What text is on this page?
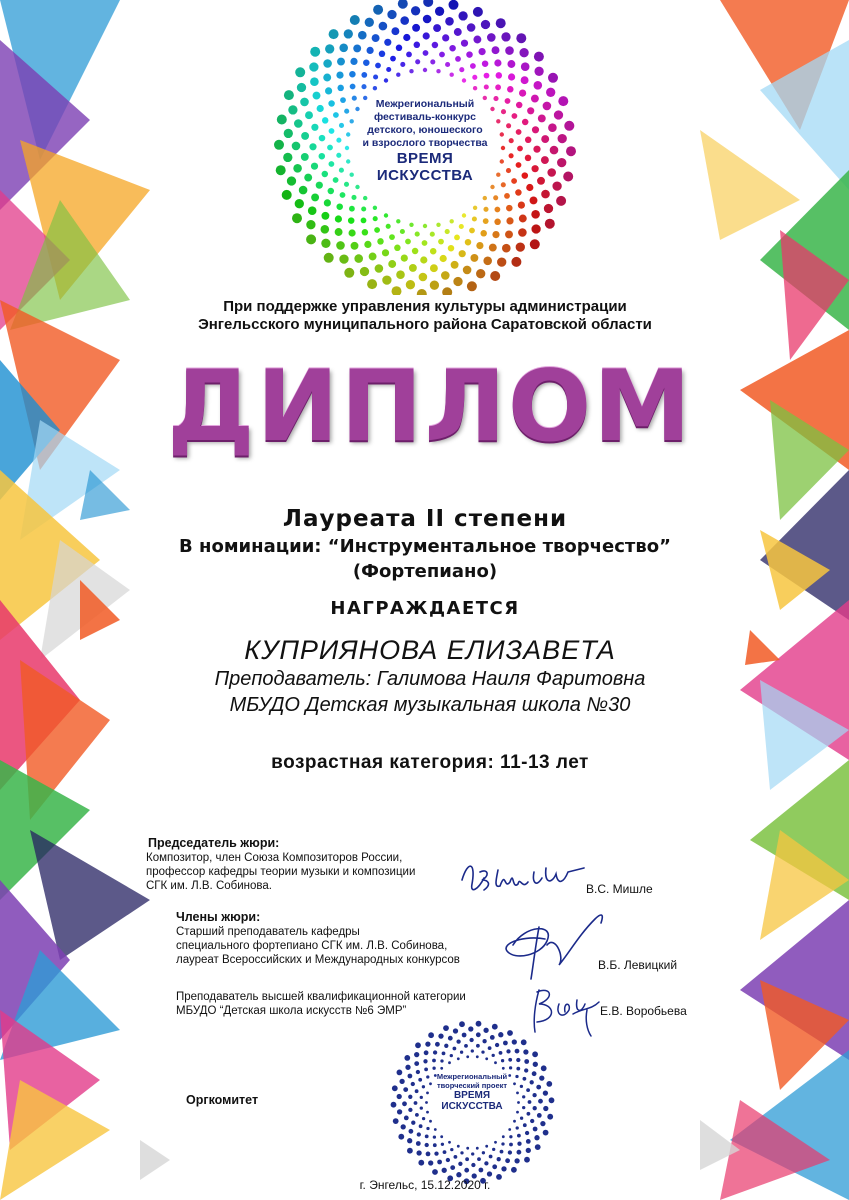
Межрегиональный
фестиваль-конкурс
детского, юношеского
и взрослого творчества
ВРЕМЯ
ИСКУССТВА
При поддержке управления культуры администрации
Энгельсского муниципального района Саратовской области
ДИПЛОМ
Лауреата II степени
В номинации: “Инструментальное творчество”
(Фортепиано)
НАГРАЖДАЕТСЯ
КУПРИЯНОВА ЕЛИЗАВЕТА
Преподаватель: Галимова Наиля Фаритовна
МБУДО Детская музыкальная школа №30
возрастная категория: 11-13 лет
Председатель жюри:
Композитор, член Союза Композиторов России,
профессор кафедры теории музыки и композиции
СГК им. Л.В. Собинова.	В.С. Мишле
Члены жюри:
Старший преподаватель кафедры
специального фортепиано СГК им. Л.В. Собинова,
лауреат Всероссийских и Международных конкурсов	В.Б. Левицкий
Преподаватель высшей квалификационной категории
МБУДО “Детская школа искусств №6 ЭМР”	Е.В. Воробьева
Оргкомитет
Межрегиональный
творческий проект
ВРЕМЯ
ИСКУССТВА
г. Энгельс, 15.12.2020 г.
